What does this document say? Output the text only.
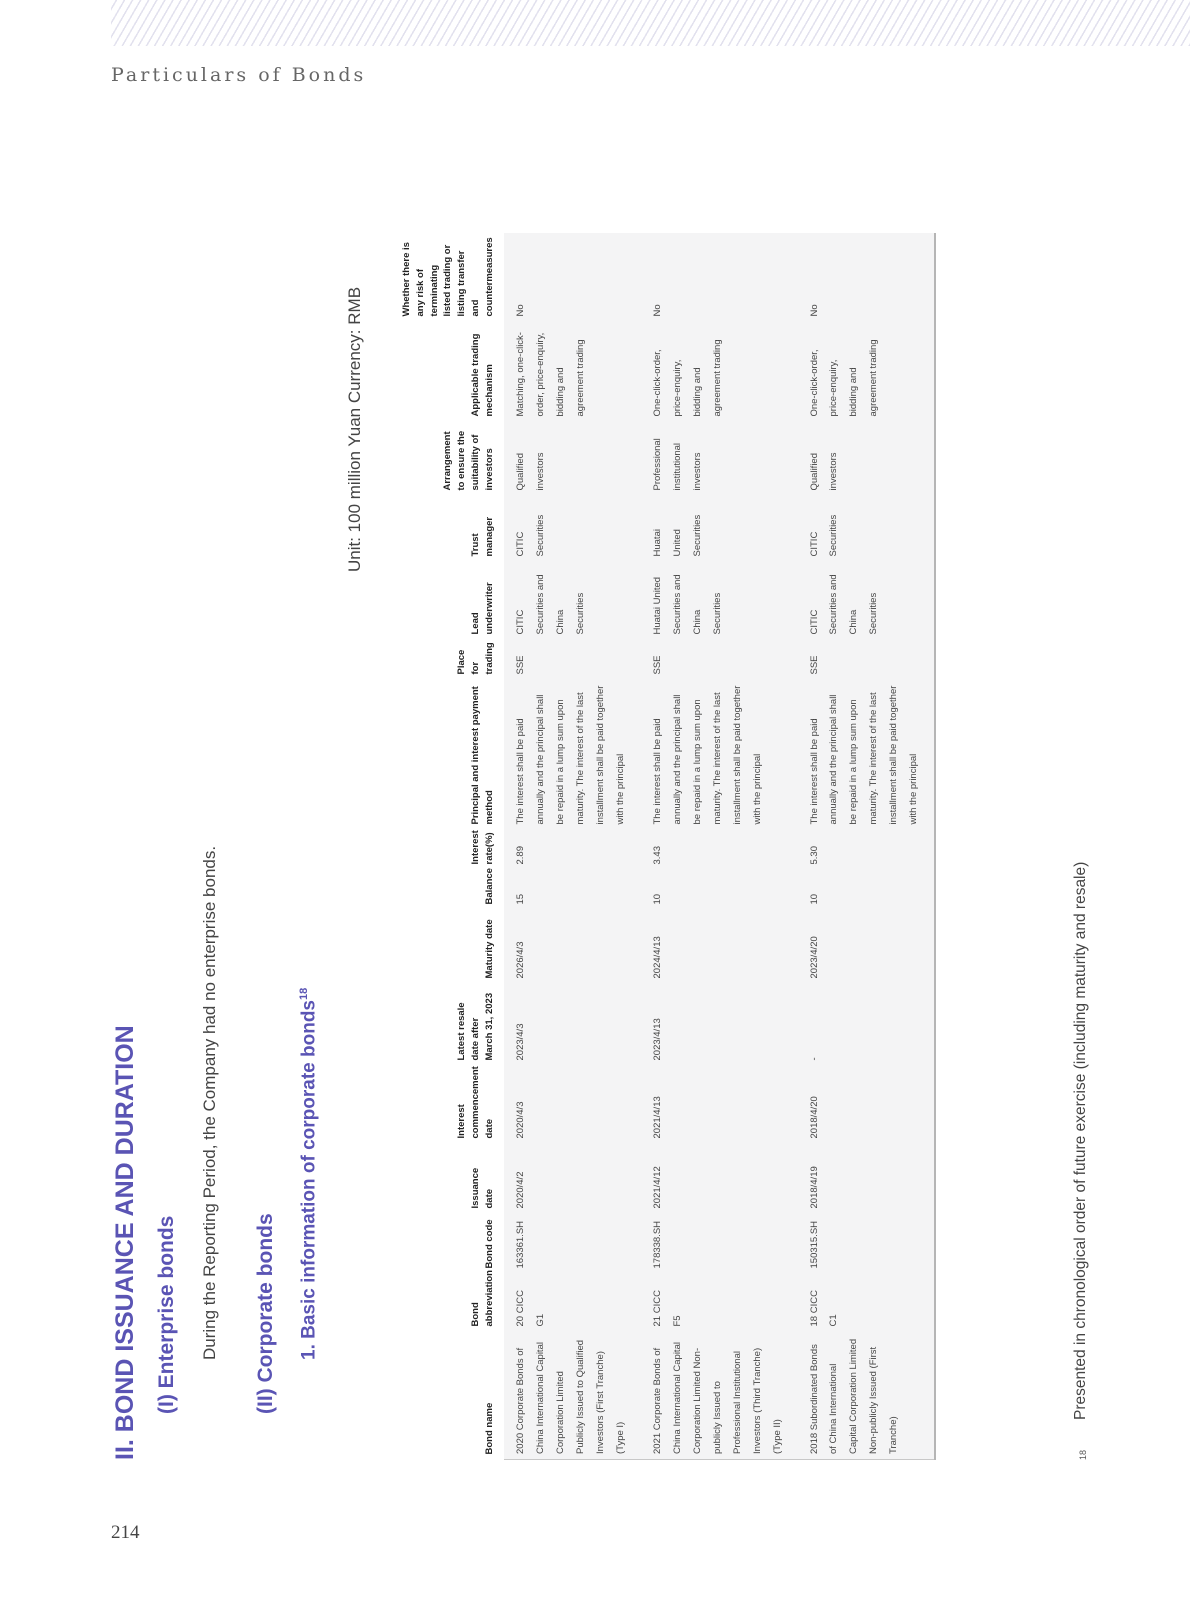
Particulars of Bonds
214
II. BOND ISSUANCE AND DURATION (I) Enterprise bonds During the Reporting Period, the Company had no enterprise bonds. (II) Corporate bonds 1. Basic information of corporate bonds$^{18}$
Unit: 100 million Yuan Currency: RMB
Bond name	Bond abbreviation	Bond code	Issuance date	Interest commencement date	Latest resale date after March 31, 2023	Maturity date	Balance	Interest rate(%)	Principal and interest payment method	Place for trading	Lead underwriter	Trust manager	Arrangement to ensure the suitability of investors	Applicable trading mechanism	Whether there is any risk of terminating listed trading or listing transfer and countermeasures
2020 Corporate Bonds of China International Capital Corporation Limited Publicly Issued to Qualified Investors (First Tranche) (Type I)	20 CICC G1	163361.SH	2020/4/2	2020/4/3	2023/4/3	2026/4/3	15	2.89	The interest shall be paid annually and the principal shall be repaid in a lump sum upon maturity. The interest of the last installment shall be paid together with the principal	SSE	CITIC Securities and China Securities	CITIC Securities	Qualified investors	Matching, one-click-order, price-enquiry, bidding and agreement trading	No
2021 Corporate Bonds of China International Capital Corporation Limited Non-publicly Issued to Professional Institutional Investors (Third Tranche) (Type II)	21 CICC F5	178338.SH	2021/4/12	2021/4/13	2023/4/13	2024/4/13	10	3.43	The interest shall be paid annually and the principal shall be repaid in a lump sum upon maturity. The interest of the last installment shall be paid together with the principal	SSE	Huatai United Securities and China Securities	Huatai United Securities	Professional institutional investors	One-click-order, price-enquiry, bidding and agreement trading	No
2018 Subordinated Bonds of China International Capital Corporation Limited Non-publicly Issued (First Tranche)	18 CICC C1	150315.SH	2018/4/19	2018/4/20	-	2023/4/20	10	5.30	The interest shall be paid annually and the principal shall be repaid in a lump sum upon maturity. The interest of the last installment shall be paid together with the principal	SSE	CITIC Securities and China Securities	CITIC Securities	Qualified investors	One-click-order, price-enquiry, bidding and agreement trading	No
18
Presented in chronological order of future exercise (including maturity and resale)
